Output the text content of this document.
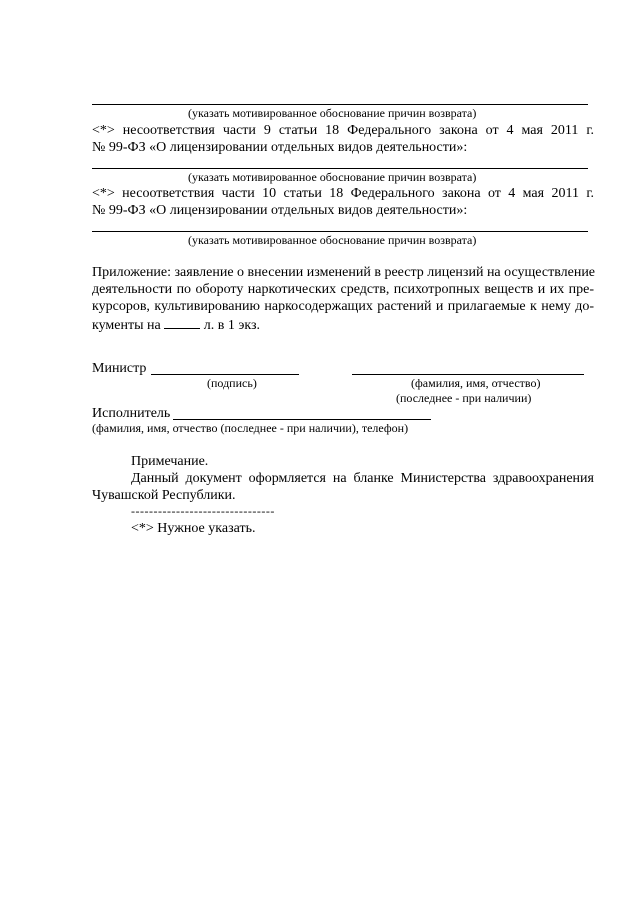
(указать мотивированное обоснование причин возврата)
<*> несоответствия части 9 статьи 18 Федерального закона от 4 мая 2011 г.
№ 99-ФЗ «О лицензировании отдельных видов деятельности»:
(указать мотивированное обоснование причин возврата)
<*> несоответствия части 10 статьи 18 Федерального закона от 4 мая 2011 г.
№ 99-ФЗ «О лицензировании отдельных видов деятельности»:
(указать мотивированное обоснование причин возврата)
Приложение: заявление о внесении изменений в реестр лицензий на осуществление
деятельности по обороту наркотических средств, психотропных веществ и их пре-
курсоров, культивированию наркосодержащих растений и прилагаемые к нему до-
кументы на	л. в 1 экз.
Министр
(подпись)	(фамилия, имя, отчество)
(последнее - при наличии)
Исполнитель
(фамилия, имя, отчество (последнее - при наличии), телефон)
Примечание.
Данный документ оформляется на бланке Министерства здравоохранения
Чувашской Республики.
--------------------------------
<*> Нужное указать.
